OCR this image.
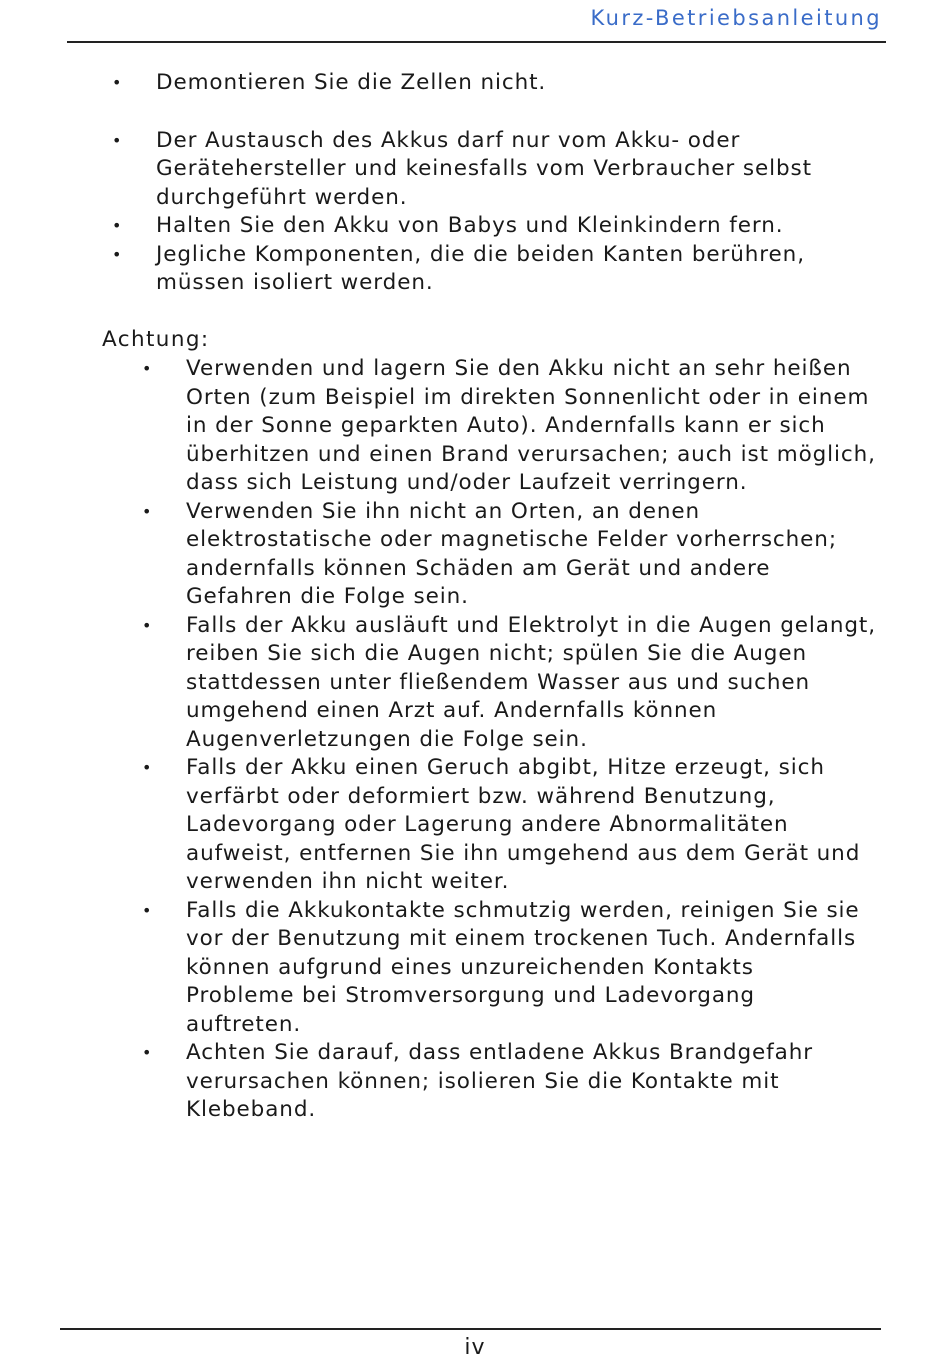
Kurz-Betriebsanleitung
• Demontieren Sie die Zellen nicht.
• Der Austausch des Akkus darf nur vom Akku- oder
Gerätehersteller und keinesfalls vom Verbraucher selbst
durchgeführt werden.
• Halten Sie den Akku von Babys und Kleinkindern fern.
• Jegliche Komponenten, die die beiden Kanten berühren,
müssen isoliert werden.
Achtung:
• Verwenden und lagern Sie den Akku nicht an sehr heißen
Orten (zum Beispiel im direkten Sonnenlicht oder in einem
in der Sonne geparkten Auto). Andernfalls kann er sich
überhitzen und einen Brand verursachen; auch ist möglich,
dass sich Leistung und/oder Laufzeit verringern.
• Verwenden Sie ihn nicht an Orten, an denen
elektrostatische oder magnetische Felder vorherrschen;
andernfalls können Schäden am Gerät und andere
Gefahren die Folge sein.
• Falls der Akku ausläuft und Elektrolyt in die Augen gelangt,
reiben Sie sich die Augen nicht; spülen Sie die Augen
stattdessen unter fließendem Wasser aus und suchen
umgehend einen Arzt auf. Andernfalls können
Augenverletzungen die Folge sein.
• Falls der Akku einen Geruch abgibt, Hitze erzeugt, sich
verfärbt oder deformiert bzw. während Benutzung,
Ladevorgang oder Lagerung andere Abnormalitäten
aufweist, entfernen Sie ihn umgehend aus dem Gerät und
verwenden ihn nicht weiter.
• Falls die Akkukontakte schmutzig werden, reinigen Sie sie
vor der Benutzung mit einem trockenen Tuch. Andernfalls
können aufgrund eines unzureichenden Kontakts
Probleme bei Stromversorgung und Ladevorgang
auftreten.
• Achten Sie darauf, dass entladene Akkus Brandgefahr
verursachen können; isolieren Sie die Kontakte mit
Klebeband.
iv
